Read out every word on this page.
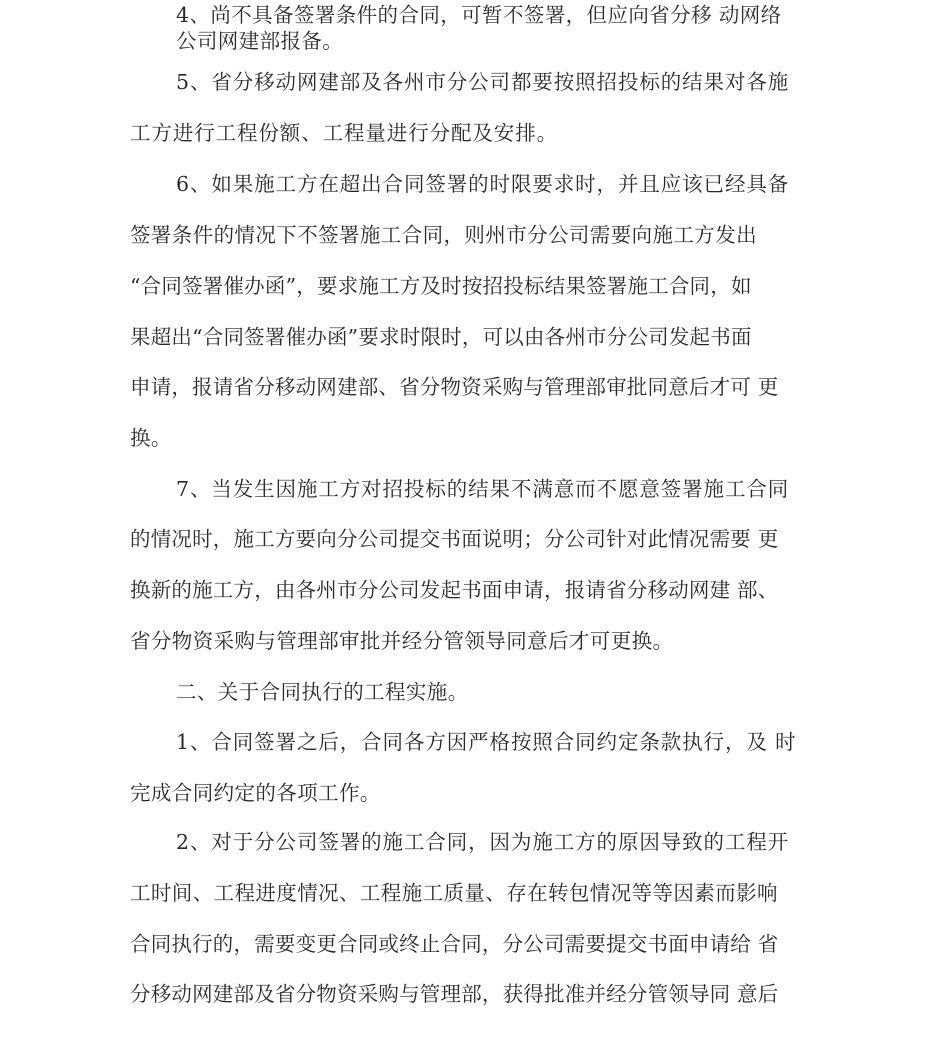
4、尚不具备签署条件的合同，可暂不签署，但应向省分移 动网络
公司网建部报备。
5、省分移动网建部及各州市分公司都要按照招投标的结果对各施
工方进行工程份额、工程量进行分配及安排。
6、如果施工方在超出合同签署的时限要求时，并且应该已经具备
签署条件的情况下不签署施工合同，则州市分公司需要向施工方发出
“合同签署催办函”，要求施工方及时按招投标结果签署施工合同，如
果超出“合同签署催办函”要求时限时，可以由各州市分公司发起书面
申请，报请省分移动网建部、省分物资采购与管理部审批同意后才可 更
换。
7、当发生因施工方对招投标的结果不满意而不愿意签署施工合同
的情况时，施工方要向分公司提交书面说明；分公司针对此情况需要 更
换新的施工方，由各州市分公司发起书面申请，报请省分移动网建 部、
省分物资采购与管理部审批并经分管领导同意后才可更换。
二、关于合同执行的工程实施。
1、合同签署之后，合同各方因严格按照合同约定条款执行，及 时
完成合同约定的各项工作。
2、对于分公司签署的施工合同，因为施工方的原因导致的工程开
工时间、工程进度情况、工程施工质量、存在转包情况等等因素而影响
合同执行的，需要变更合同或终止合同，分公司需要提交书面申请给 省
分移动网建部及省分物资采购与管理部，获得批准并经分管领导同 意后
